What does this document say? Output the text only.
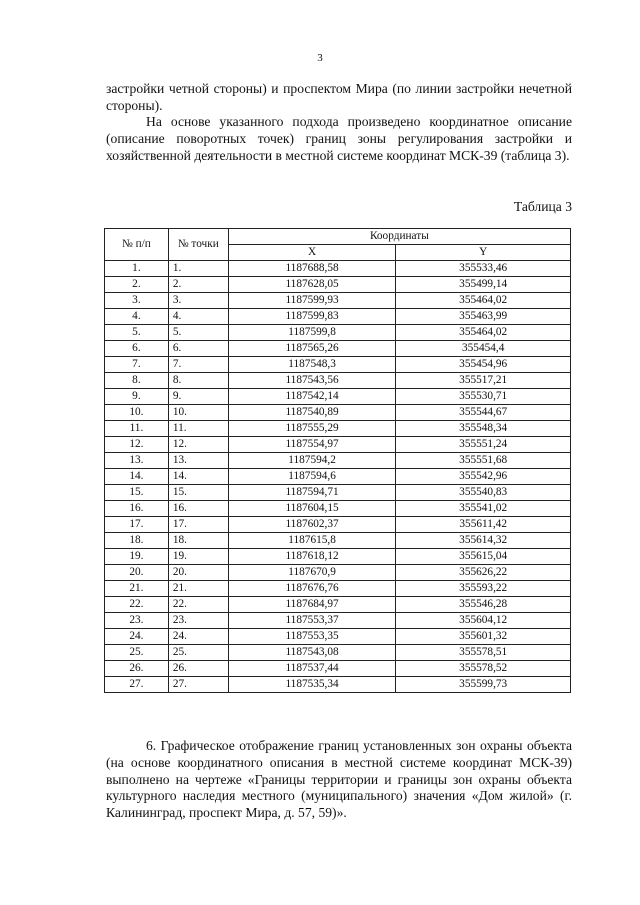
3
застройки четной стороны) и проспектом Мира (по линии застройки нечетной стороны).
На основе указанного подхода произведено координатное описание (описание поворотных точек) границ зоны регулирования застройки и хозяйственной деятельности в местной системе координат МСК-39 (таблица 3).
Таблица 3
№ п/п	№ точки	Координаты	
		X	Y
1.	1.	1187688,58	355533,46
2.	2.	1187628,05	355499,14
3.	3.	1187599,93	355464,02
4.	4.	1187599,83	355463,99
5.	5.	1187599,8	355464,02
6.	6.	1187565,26	355454,4
7.	7.	1187548,3	355454,96
8.	8.	1187543,56	355517,21
9.	9.	1187542,14	355530,71
10.	10.	1187540,89	355544,67
11.	11.	1187555,29	355548,34
12.	12.	1187554,97	355551,24
13.	13.	1187594,2	355551,68
14.	14.	1187594,6	355542,96
15.	15.	1187594,71	355540,83
16.	16.	1187604,15	355541,02
17.	17.	1187602,37	355611,42
18.	18.	1187615,8	355614,32
19.	19.	1187618,12	355615,04
20.	20.	1187670,9	355626,22
21.	21.	1187676,76	355593,22
22.	22.	1187684,97	355546,28
23.	23.	1187553,37	355604,12
24.	24.	1187553,35	355601,32
25.	25.	1187543,08	355578,51
26.	26.	1187537,44	355578,52
27.	27.	1187535,34	355599,73
6. Графическое отображение границ установленных зон охраны объекта (на основе координатного описания в местной системе координат МСК-39) выполнено на чертеже «Границы территории и границы зон охраны объекта культурного наследия местного (муниципального) значения «Дом жилой» (г. Калининград, проспект Мира, д. 57, 59)».
